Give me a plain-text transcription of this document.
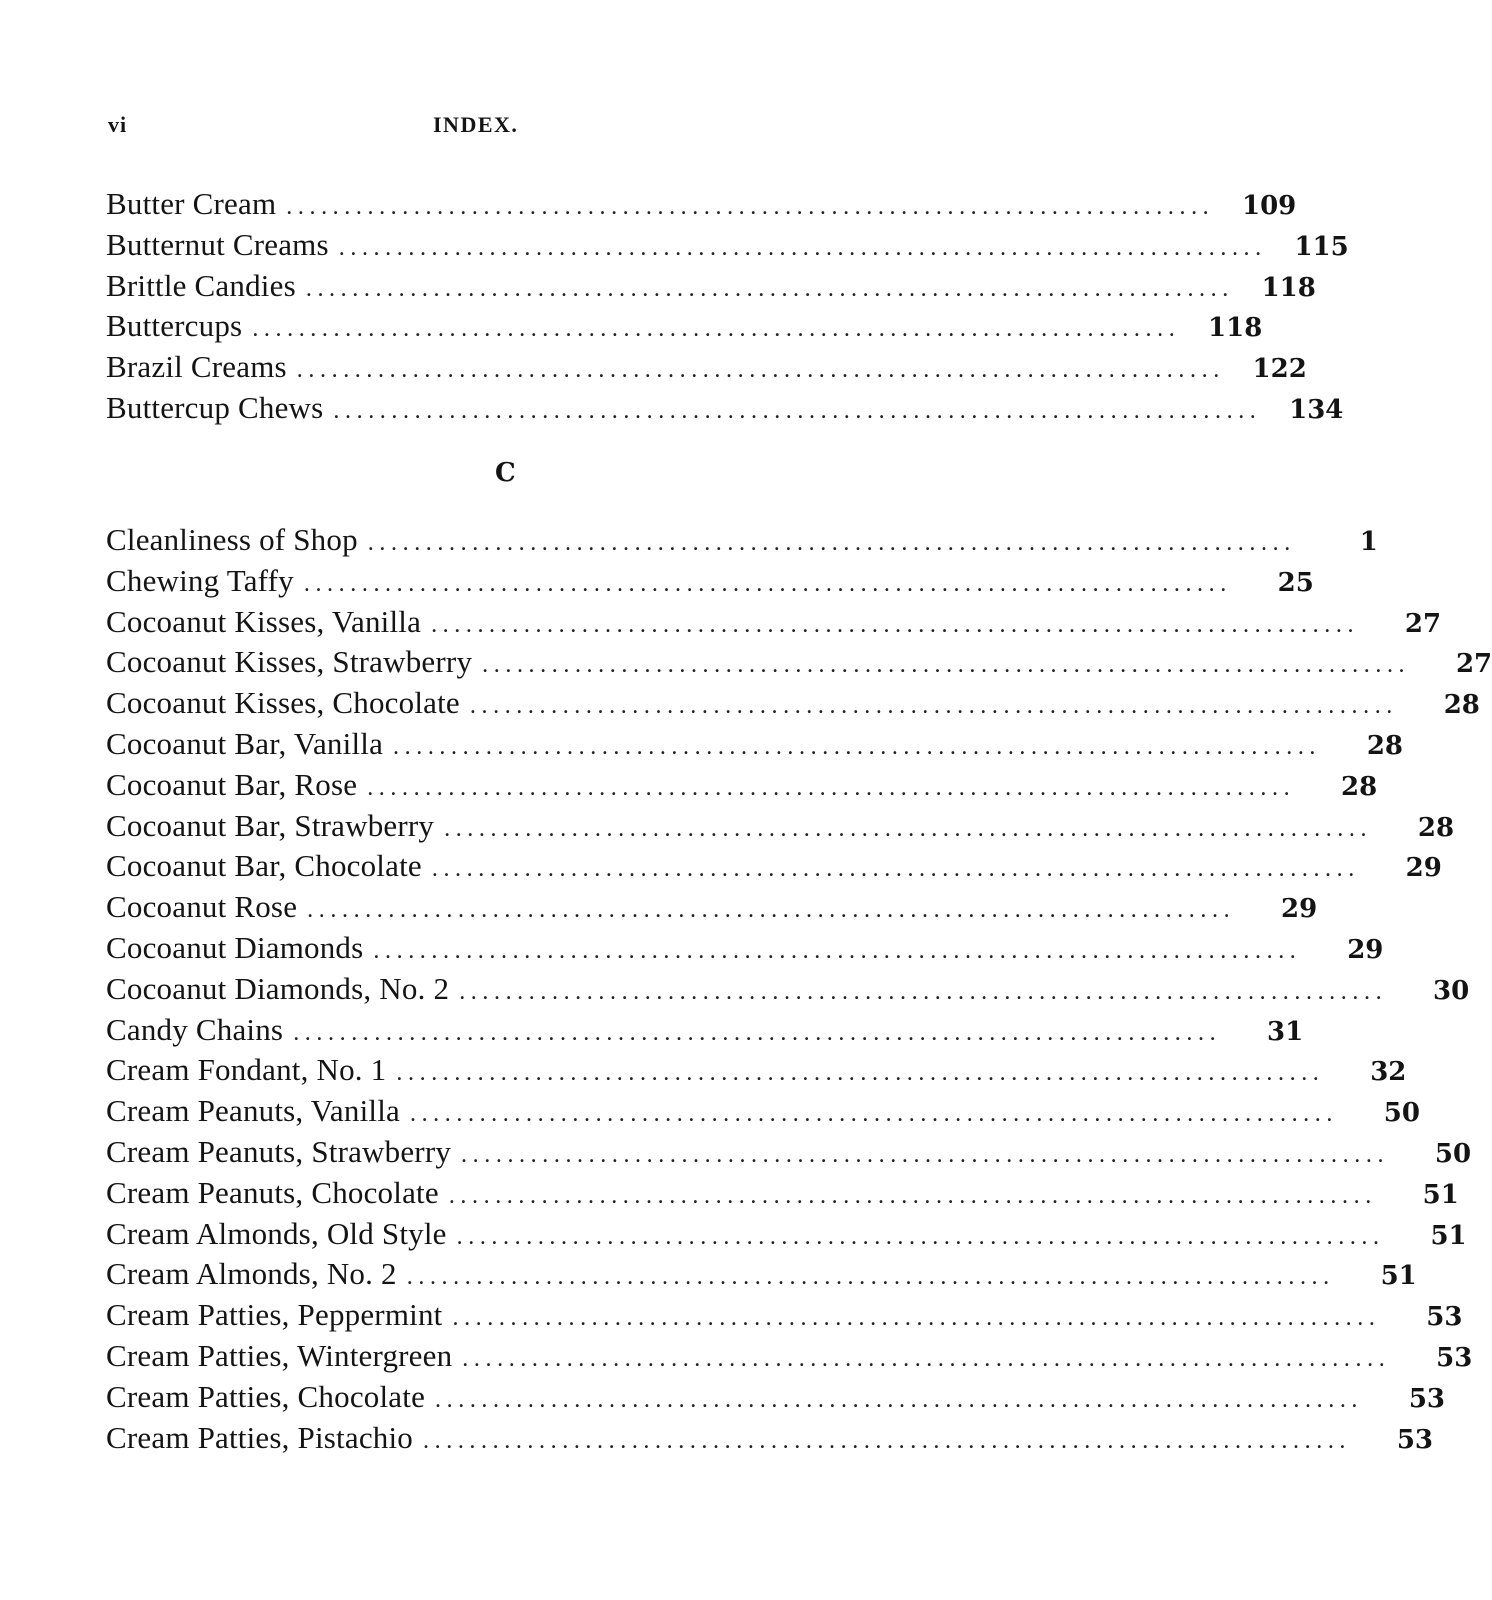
vi	INDEX.
Butter Cream ................................................................................	109
Butternut Creams ................................................................................	115
Brittle Candies ................................................................................	118
Buttercups ................................................................................	118
Brazil Creams ................................................................................	122
Buttercup Chews ................................................................................	134
C
Cleanliness of Shop ................................................................................	1
Chewing Taffy ................................................................................	25
Cocoanut Kisses, Vanilla ................................................................................	27
Cocoanut Kisses, Strawberry ................................................................................	27
Cocoanut Kisses, Chocolate ................................................................................	28
Cocoanut Bar, Vanilla ................................................................................	28
Cocoanut Bar, Rose ................................................................................	28
Cocoanut Bar, Strawberry ................................................................................	28
Cocoanut Bar, Chocolate ................................................................................	29
Cocoanut Rose ................................................................................	29
Cocoanut Diamonds ................................................................................	29
Cocoanut Diamonds, No. 2 ................................................................................	30
Candy Chains ................................................................................	31
Cream Fondant, No. 1 ................................................................................	32
Cream Peanuts, Vanilla ................................................................................	50
Cream Peanuts, Strawberry ................................................................................	50
Cream Peanuts, Chocolate ................................................................................	51
Cream Almonds, Old Style ................................................................................	51
Cream Almonds, No. 2 ................................................................................	51
Cream Patties, Peppermint ................................................................................	53
Cream Patties, Wintergreen ................................................................................	53
Cream Patties, Chocolate ................................................................................	53
Cream Patties, Pistachio ................................................................................	53
